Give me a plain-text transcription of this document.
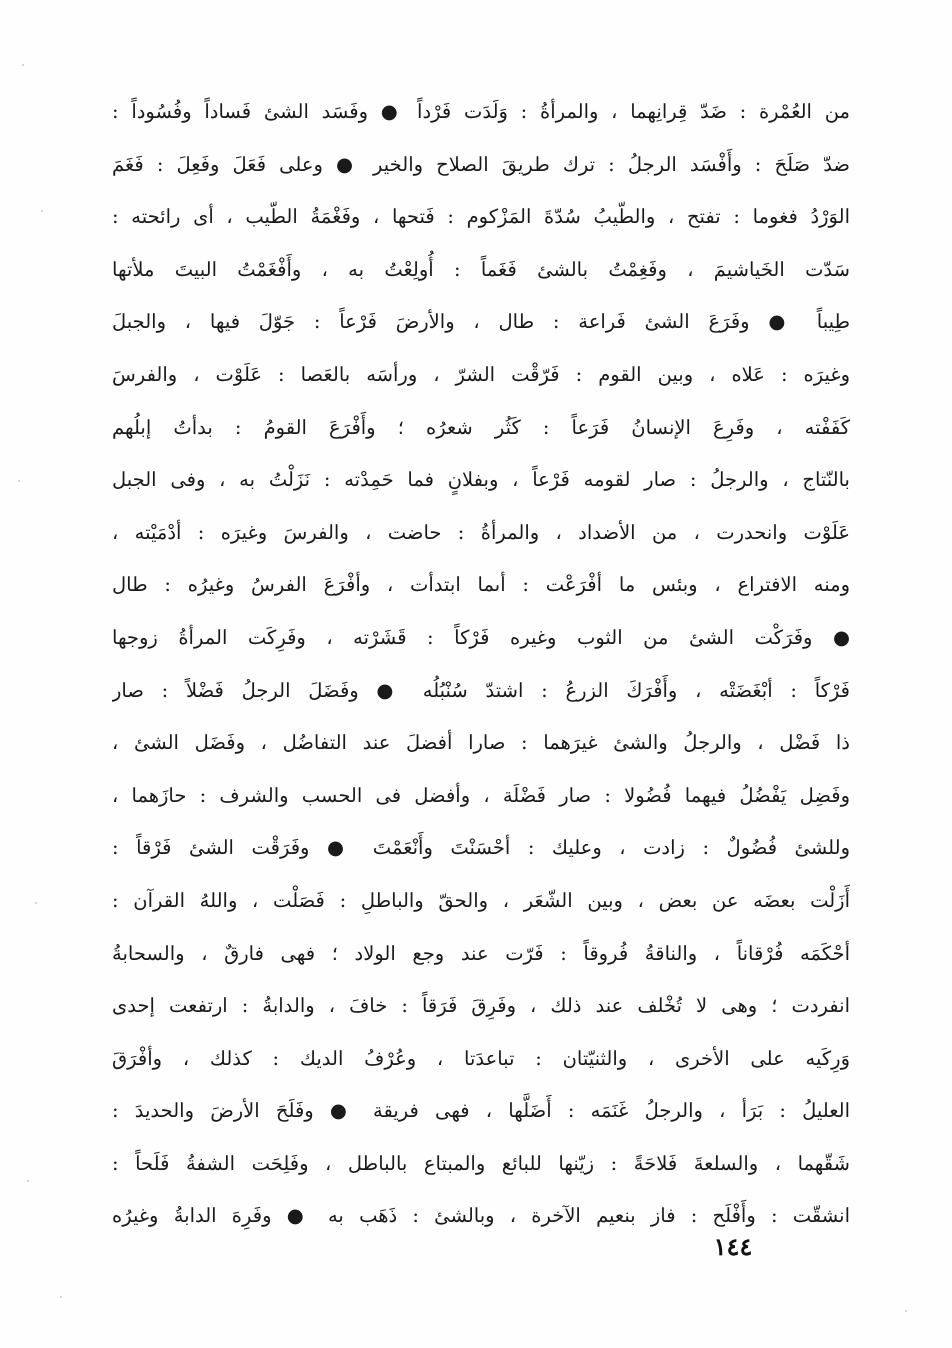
من العُمْرة : ضَدّ قِرانِهما ، والمرأةُ : وَلَدَت فَرْداً ● وفَسَد الشئ فَساداً وفُسُوداً :
ضدّ صَلَحَ : وأَفْسَد الرجلُ : ترك طريقَ الصلاح والخير ● وعلى فَعَلَ وفَعِلَ : فَغَمَ
الوَرْدُ فغوما : تفتح ، والطّيبُ سُدّةَ المَزْكوم : فَتحها ، وفَغْمَةُ الطّيب ، أى رائحته :
سَدّت الخَياشيمَ ، وفَغِمْتُ بالشئ فَغَماً : أُولِعْتُ به ، وأَفْغَمْتُ البيتَ ملأتها
طِيباً ● وفَرَعَ الشئ فَراعة : طال ، والأرضَ فَرْعاً : جَوّلَ فيها ، والجبلَ
وغيرَه : عَلاه ، وبين القوم : فَرّقْت الشرّ ، ورأسَه بالعَصا : عَلَوْت ، والفرسَ
كَفَفْته ، وفَرِعَ الإنسانُ فَرَعاً : كَثُر شعرُه ؛ وأَفْرَعَ القومُ : بدأتُ إبلُهم
بالنّتاج ، والرجلُ : صار لقومه فَرْعاً ، وبفلانٍ فما حَمِدْته : نَزَلْتُ به ، وفى الجبل
عَلَوْت وانحدرت ، من الأضداد ، والمرأةُ : حاضت ، والفرسَ وغيرَه : أدْمَيْته ،
ومنه الافتراع ، وبئس ما أفْرَعْت : أىما ابتدأت ، وأفْرَعَ الفرسُ وغيرُه : طال
● وفَرَكْت الشئ من الثوب وغيره فَرْكاً : قَشَرْته ، وفَرِكَت المرأةُ زوجها
فَرْكاً : أبْغَضَتْه ، وأَفْرَكَ الزرعُ : اشتدّ سُنْبُلُه ● وفَضَلَ الرجلُ فَضْلاً : صار
ذا فَضْل ، والرجلُ والشئ غيرَهما : صارا أفضلَ عند التفاضُل ، وفَضَل الشئ ،
وفَضِل يَفْضُلُ فيهما فُضُولا : صار فَضْلَة ، وأفضل فى الحسب والشرف : حازَهما ،
وللشئ فُضُولٌ : زادت ، وعليك : أحْسَنْتَ وأَنْعَمْتَ ● وفَرَقْت الشئ فَرْقاً :
أَزَلْت بعضَه عن بعض ، وبين الشّعَر ، والحقّ والباطلِ : فَصَلْت ، واللهُ القرآن :
أحْكَمَه فُرْقاناً ، والناقةُ فُروقاً : فَرّت عند وجع الولاد ؛ فهى فارقٌ ، والسحابةُ
انفردت ؛ وهى لا تُخْلف عند ذلك ، وفَرِقَ فَرَقاً : خافَ ، والدابةُ : ارتفعت إحدى
وَرِكَيه على الأخرى ، والثنيّتان : تباعدَتا ، وعُرْفُ الديك : كذلك ، وأفْرَقَ
العليلُ : بَرَأ ، والرجلُ غَنَمَه : أَضَلَّها ، فهى فريقة ● وفَلَحَ الأرضَ والحديدَ :
شَقّهما ، والسلعةَ فَلاحَةً : زيّنها للبائع والمبتاع بالباطل ، وفَلِحَت الشفةُ فَلَحاً :
انشقّت : وأَفْلَح : فاز بنعيم الآخرة ، وبالشئ : ذَهَب به ● وفَرِهَ الدابةُ وغيرُه
١٤٤
